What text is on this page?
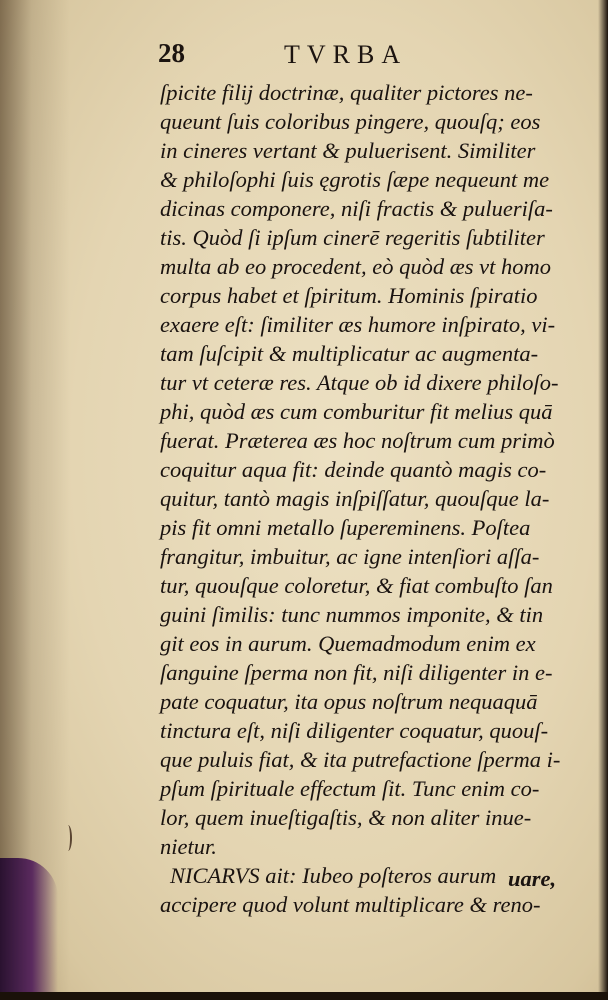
28	TVRBA
ſpicite filij doctrinæ, qualiter pictores ne-
queunt ſuis coloribus pingere, quouſq; eos
in cineres vertant & puluerisent. Similiter
& philoſophi ſuis ęgrotis ſæpe nequeunt me
dicinas componere, niſi fractis & pulueriſa-
tis. Quòd ſi ipſum cinerē regeritis ſubtiliter
multa ab eo procedent, eò quòd æs vt homo
corpus habet et ſpiritum. Hominis ſpiratio
exaere eſt: ſimiliter æs humore inſpirato, vi-
tam ſuſcipit & multiplicatur ac augmenta-
tur vt ceteræ res. Atque ob id dixere philoſo-
phi, quòd æs cum comburitur fit melius quā
fuerat. Præterea æs hoc noſtrum cum primò
coquitur aqua fit: deinde quantò magis co-
quitur, tantò magis inſpiſſatur, quouſque la-
pis fit omni metallo ſupereminens. Poſtea
frangitur, imbuitur, ac igne intenſiori aſſa-
tur, quouſque coloretur, & fiat combuſto ſan
guini ſimilis: tunc nummos imponite, & tin
git eos in aurum. Quemadmodum enim ex
ſanguine ſperma non fit, niſi diligenter in e-
pate coquatur, ita opus noſtrum nequaquā
tinctura eſt, niſi diligenter coquatur, quouſ-
que puluis fiat, & ita putrefactione ſperma i-
pſum ſpirituale effectum ſit. Tunc enim co-
lor, quem inueſtigaſtis, & non aliter inue-
nietur.
NICARVS ait: Iubeo poſteros aurum
accipere quod volunt multiplicare & reno-
uare,
